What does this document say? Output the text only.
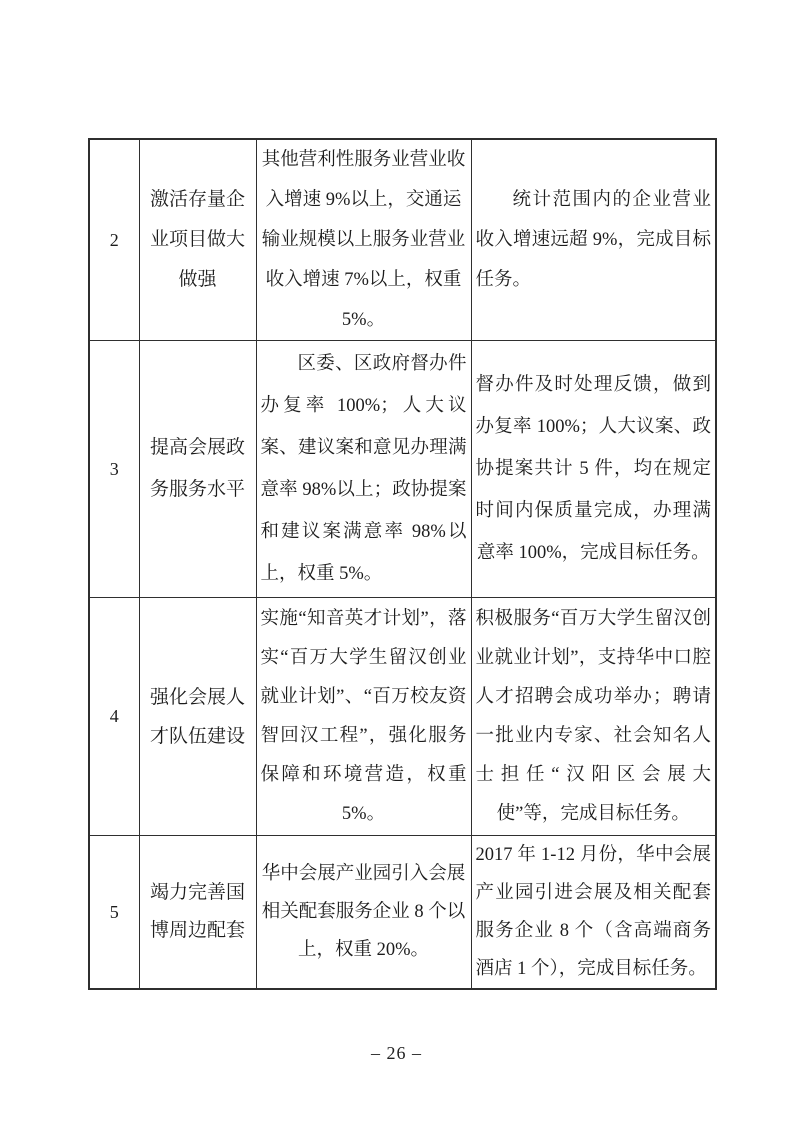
2	激活存量企业项目做大做强	其他营利性服务业营业收入增速 9%以上，交通运输业规模以上服务业营业收入增速 7%以上，权重 5%。	统计范围内的企业营业收入增速远超 9%，完成目标任务。
3	提高会展政务服务水平	区委、区政府督办件办复率 100%；人大议案、建议案和意见办理满意率 98%以上；政协提案和建议案满意率 98%以上，权重 5%。	督办件及时处理反馈，做到办复率 100%；人大议案、政协提案共计 5 件，均在规定时间内保质量完成，办理满意率 100%，完成目标任务。
4	强化会展人才队伍建设	实施“知音英才计划”，落实“百万大学生留汉创业就业计划”、“百万校友资智回汉工程”，强化服务保障和环境营造，权重 5%。	积极服务“百万大学生留汉创业就业计划”，支持华中口腔人才招聘会成功举办；聘请一批业内专家、社会知名人士担任“汉阳区会展大使”等，完成目标任务。
5	竭力完善国博周边配套	华中会展产业园引入会展相关配套服务企业 8 个以上，权重 20%。	2017 年 1-12 月份，华中会展产业园引进会展及相关配套服务企业 8 个（含高端商务酒店 1 个），完成目标任务。
– 26 –
